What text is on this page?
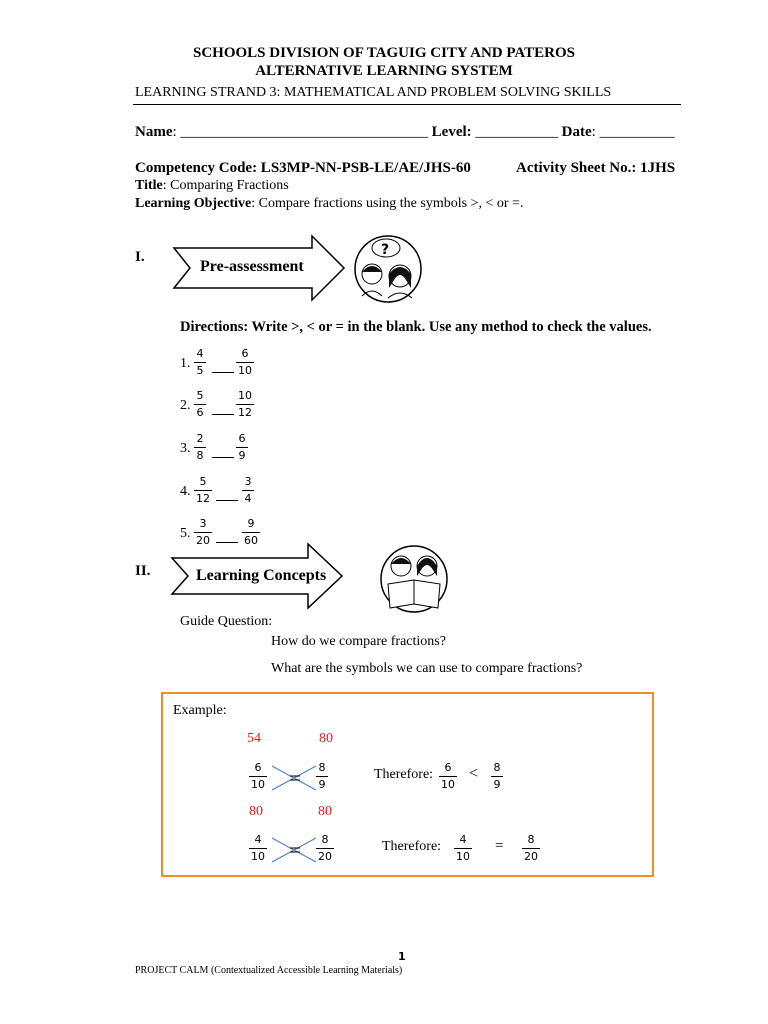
SCHOOLS DIVISION OF TAGUIG CITY AND PATEROS
ALTERNATIVE LEARNING SYSTEM
LEARNING STRAND 3: MATHEMATICAL AND PROBLEM SOLVING SKILLS
Name: _________________________________ Level: ___________ Date: __________
Competency Code: LS3MP-NN-PSB-LE/AE/JHS-60	Activity Sheet No.: 1JHS
Title: Comparing Fractions
Learning Objective: Compare fractions using the symbols >, < or =.
I.
Pre-assessment
?
Directions: Write >, < or = in the blank. Use any method to check the values.
1.
4
5
6
10
2.
5
6
10
12
3.
2
8
6
9
4.
5
12
3
4
5.
3
20
9
60
II.	Learning Concepts
Guide Question:
How do we compare fractions?
What are the symbols we can use to compare fractions?
Example:
54	80
6
10
8
9
Therefore: 6
10
< 8
9
80	80
4
10
8
20
Therefore: 4
10
= 8
20
1
PROJECT CALM (Contextualized Accessible Learning Materials)
